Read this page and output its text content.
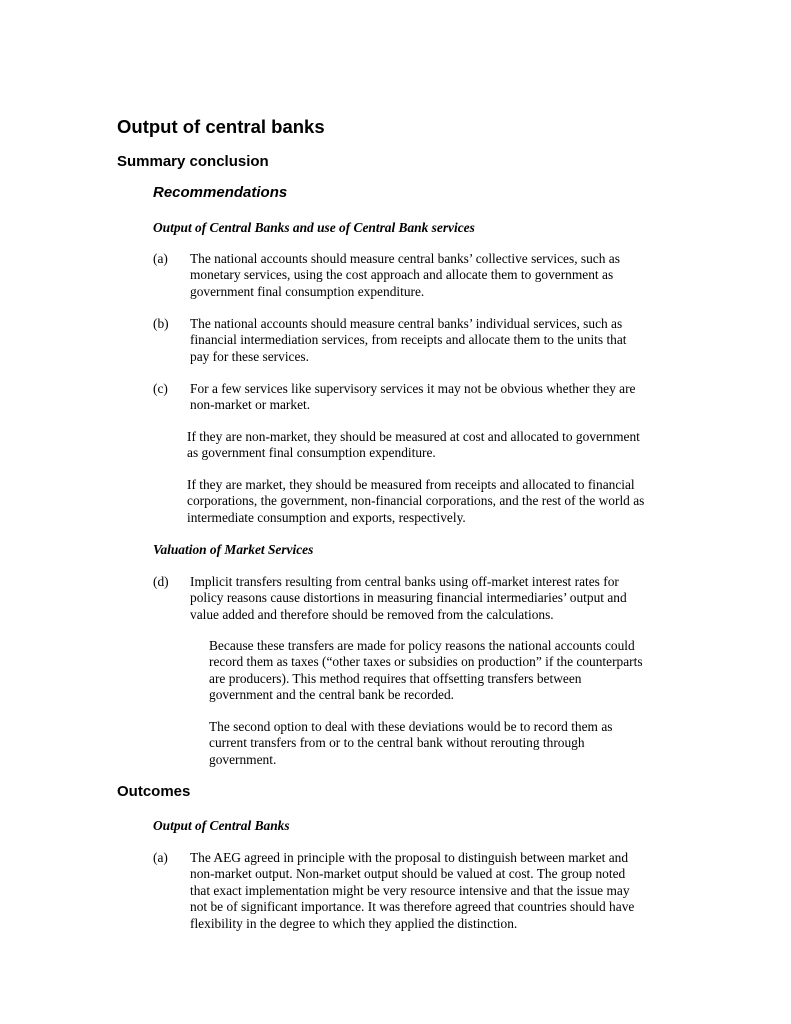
Output of central banks
Summary conclusion
Recommendations
Output of Central Banks and use of Central Bank services
(a) The national accounts should measure central banks’ collective services, such as
monetary services, using the cost approach and allocate them to government as
government final consumption expenditure.
(b) The national accounts should measure central banks’ individual services, such as
financial intermediation services, from receipts and allocate them to the units that
pay for these services.
(c) For a few services like supervisory services it may not be obvious whether they are
non-market or market.
If they are non-market, they should be measured at cost and allocated to government
as government final consumption expenditure.
If they are market, they should be measured from receipts and allocated to financial
corporations, the government, non-financial corporations, and the rest of the world as
intermediate consumption and exports, respectively.
Valuation of Market Services
(d) Implicit transfers resulting from central banks using off-market interest rates for
policy reasons cause distortions in measuring financial intermediaries’ output and
value added and therefore should be removed from the calculations.
Because these transfers are made for policy reasons the national accounts could
record them as taxes (“other taxes or subsidies on production” if the counterparts
are producers). This method requires that offsetting transfers between
government and the central bank be recorded.
The second option to deal with these deviations would be to record them as
current transfers from or to the central bank without rerouting through
government.
Outcomes
Output of Central Banks
(a) The AEG agreed in principle with the proposal to distinguish between market and
non-market output. Non-market output should be valued at cost. The group noted
that exact implementation might be very resource intensive and that the issue may
not be of significant importance. It was therefore agreed that countries should have
flexibility in the degree to which they applied the distinction.
